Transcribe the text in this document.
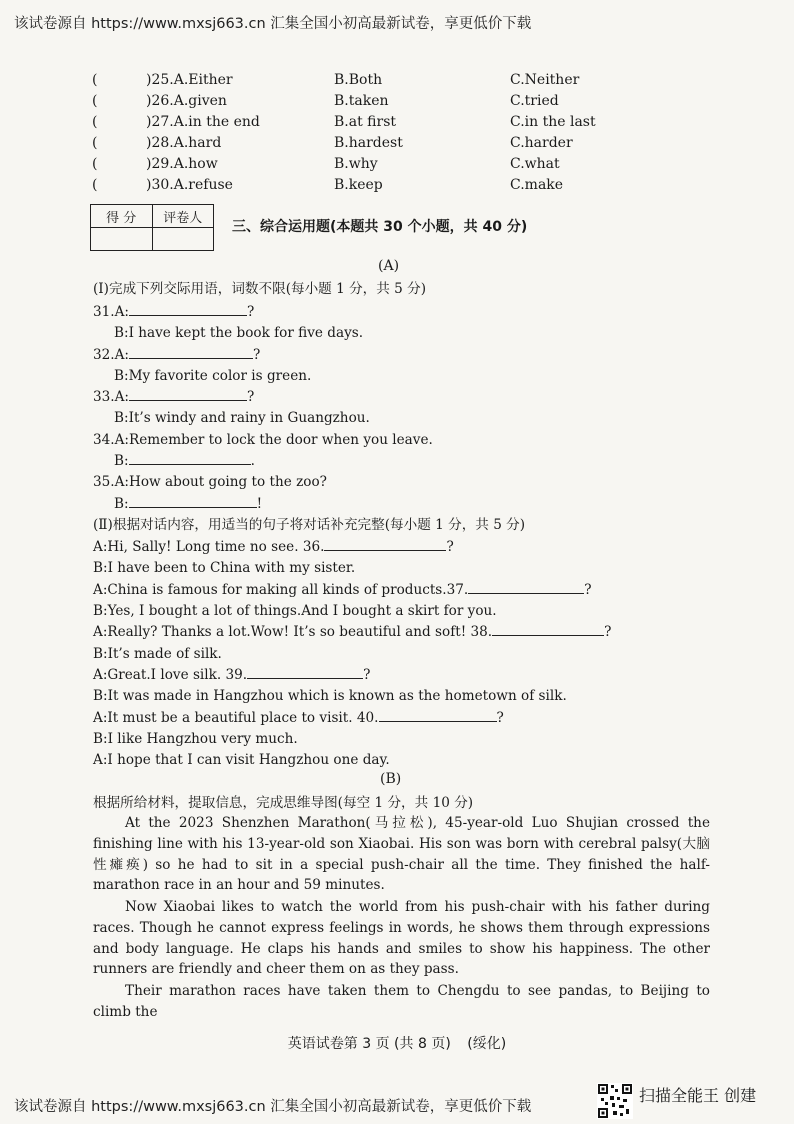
该试卷源自 https://www.mxsj663.cn 汇集全国小初高最新试卷，享更低价下载
(	)25.A.Either	B.Both	C.Neither
(	)26.A.given	B.taken	C.tried
(	)27.A.in the end	B.at first	C.in the last
(	)28.A.hard	B.hardest	C.harder
(	)29.A.how	B.why	C.what
(	)30.A.refuse	B.keep	C.make
得 分	评卷人

三、综合运用题(本题共 30 个小题，共 40 分)
(A)
(Ⅰ)完成下列交际用语，词数不限(每小题 1 分，共 5 分)
31.A:	?
B:I have kept the book for five days.
32.A:	?
B:My favorite color is green.
33.A:	?
B:It’s windy and rainy in Guangzhou.
34.A:Remember to lock the door when you leave.
B:	.
35.A:How about going to the zoo?
B:	!
(Ⅱ)根据对话内容，用适当的句子将对话补充完整(每小题 1 分，共 5 分)
A:Hi, Sally! Long time no see. 36.	?
B:I have been to China with my sister.
A:China is famous for making all kinds of products.37.	?
B:Yes, I bought a lot of things.And I bought a skirt for you.
A:Really? Thanks a lot.Wow! It’s so beautiful and soft! 38.	?
B:It’s made of silk.
A:Great.I love silk. 39.	?
B:It was made in Hangzhou which is known as the hometown of silk.
A:It must be a beautiful place to visit. 40.	?
B:I like Hangzhou very much.
A:I hope that I can visit Hangzhou one day.
(B)
根据所给材料，提取信息，完成思维导图(每空 1 分，共 10 分)

At the 2023 Shenzhen Marathon(马拉松), 45-year-old Luo Shujian crossed the finishing line with his 13-year-old son Xiaobai. His son was born with cerebral palsy(大脑性瘫痪) so he had to sit in a special push-chair all the time. They finished the half-marathon race in an hour and 59 minutes.

Now Xiaobai likes to watch the world from his push-chair with his father during races. Though he cannot express feelings in words, he shows them through expressions and body language. He claps his hands and smiles to show his happiness. The other runners are friendly and cheer them on as they pass.

Their marathon races have taken them to Chengdu to see pandas, to Beijing to climb the

英语试卷第 3 页 (共 8 页) (绥化)
该试卷源自 https://www.mxsj663.cn 汇集全国小初高最新试卷，享更低价下载
扫描全能王 创建
